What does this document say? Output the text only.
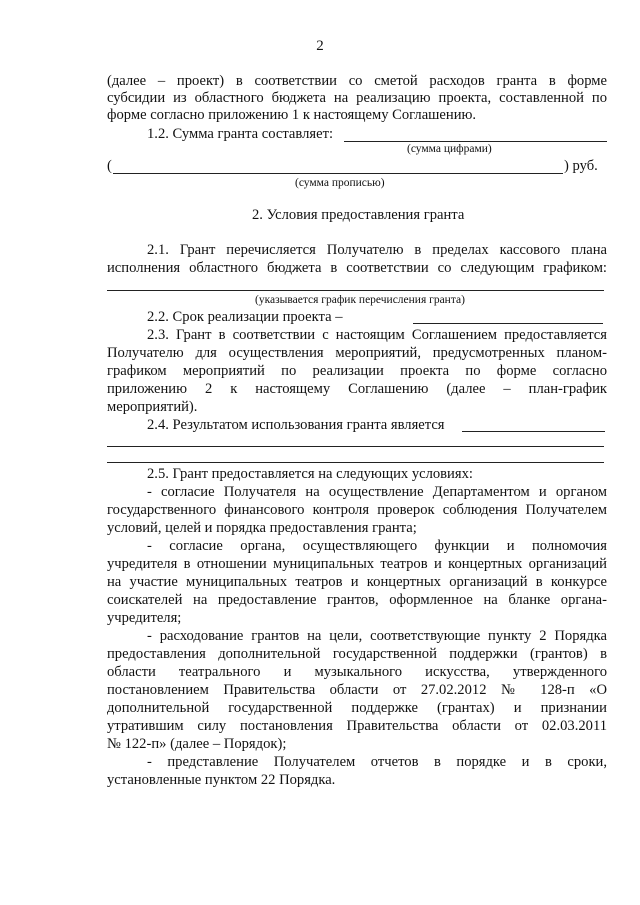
2
(далее – проект) в соответствии со сметой расходов гранта в форме
субсидии из областного бюджета на реализацию проекта, составленной по
форме согласно приложению 1 к настоящему Соглашению.
1.2. Сумма гранта составляет:
(сумма цифрами)
(	) руб.
(сумма прописью)
2. Условия предоставления гранта
2.1. Грант перечисляется Получателю в пределах кассового плана
исполнения областного бюджета в соответствии со следующим графиком:
(указывается график перечисления гранта)
2.2. Срок реализации проекта –
2.3. Грант в соответствии с настоящим Соглашением предоставляется
Получателю для осуществления мероприятий, предусмотренных планом-
графиком мероприятий по реализации проекта по форме согласно
приложению 2 к настоящему Соглашению (далее – план-график
мероприятий).
2.4. Результатом использования гранта является
2.5. Грант предоставляется на следующих условиях:
- согласие Получателя на осуществление Департаментом и органом
государственного финансового контроля проверок соблюдения Получателем
условий, целей и порядка предоставления гранта;
- согласие органа, осуществляющего функции и полномочия
учредителя в отношении муниципальных театров и концертных организаций
на участие муниципальных театров и концертных организаций в конкурсе
соискателей на предоставление грантов, оформленное на бланке органа-
учредителя;
- расходование грантов на цели, соответствующие пункту 2 Порядка
предоставления дополнительной государственной поддержки (грантов) в
области театрального и музыкального искусства, утвержденного
постановлением Правительства области от 27.02.2012 № 128-п «О
дополнительной государственной поддержке (грантах) и признании
утратившим силу постановления Правительства области от 02.03.2011
№ 122-п» (далее – Порядок);
- представление Получателем отчетов в порядке и в сроки,
установленные пунктом 22 Порядка.
